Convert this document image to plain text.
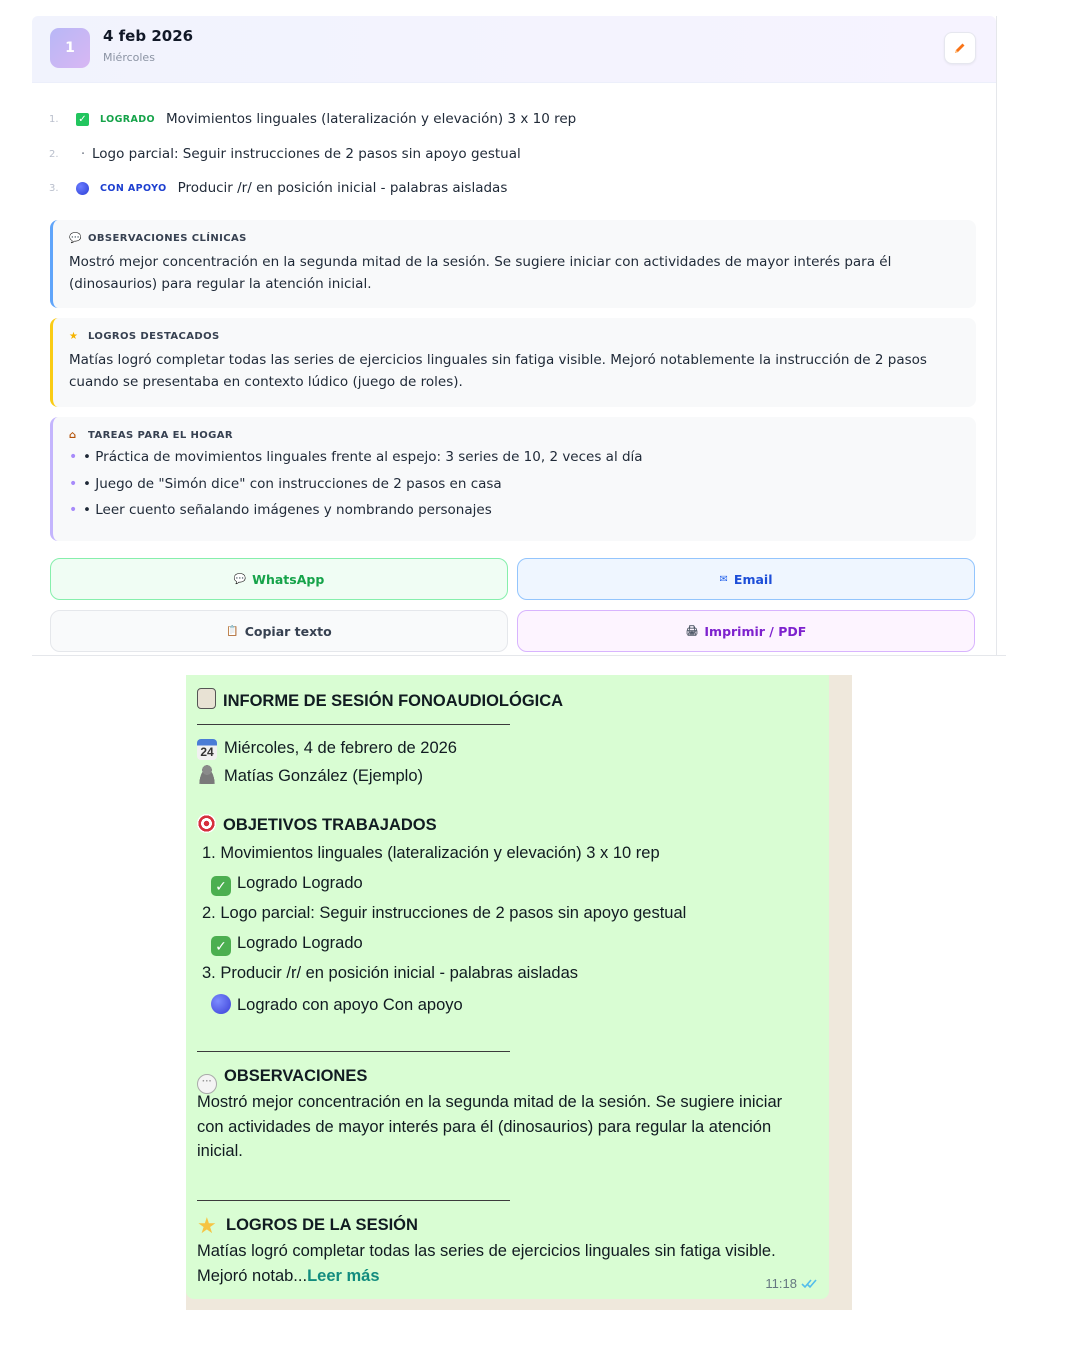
1
4 feb 2026
Miércoles
1.	✓ LOGRADO Movimientos linguales (lateralización y elevación) 3 x 10 rep
2.	· Logo parcial: Seguir instrucciones de 2 pasos sin apoyo gestual
3.	CON APOYO Producir /r/ en posición inicial - palabras aisladas
💬 OBSERVACIONES CLÍNICAS
Mostró mejor concentración en la segunda mitad de la sesión. Se sugiere iniciar con actividades de mayor interés para él (dinosaurios) para regular la atención inicial.
★ LOGROS DESTACADOS
Matías logró completar todas las series de ejercicios linguales sin fatiga visible. Mejoró notablemente la instrucción de 2 pasos cuando se presentaba en contexto lúdico (juego de roles).
⌂	TAREAS PARA EL HOGAR
• • Práctica de movimientos linguales frente al espejo: 3 series de 10, 2 veces al día
• • Juego de "Simón dice" con instrucciones de 2 pasos en casa
• • Leer cuento señalando imágenes y nombrando personajes
💬 WhatsApp	✉ Email
📋 Copiar texto	🖨 Imprimir / PDF
INFORME DE SESIÓN FONOAUDIOLÓGICA
24 Miércoles, 4 de febrero de 2026
Matías González (Ejemplo)
OBJETIVOS TRABAJADOS
1. Movimientos linguales (lateralización y elevación) 3 x 10 rep
✓ Logrado Logrado
2. Logo parcial: Seguir instrucciones de 2 pasos sin apoyo gestual
✓ Logrado Logrado
3. Producir /r/ en posición inicial - palabras aisladas
Logrado con apoyo Con apoyo
··· OBSERVACIONES
Mostró mejor concentración en la segunda mitad de la sesión. Se sugiere iniciar con actividades de mayor interés para él (dinosaurios) para regular la atención inicial.
★ LOGROS DE LA SESIÓN
Matías logró completar todas las series de ejercicios linguales sin fatiga visible. Mejoró notab...Leer más	11:18
